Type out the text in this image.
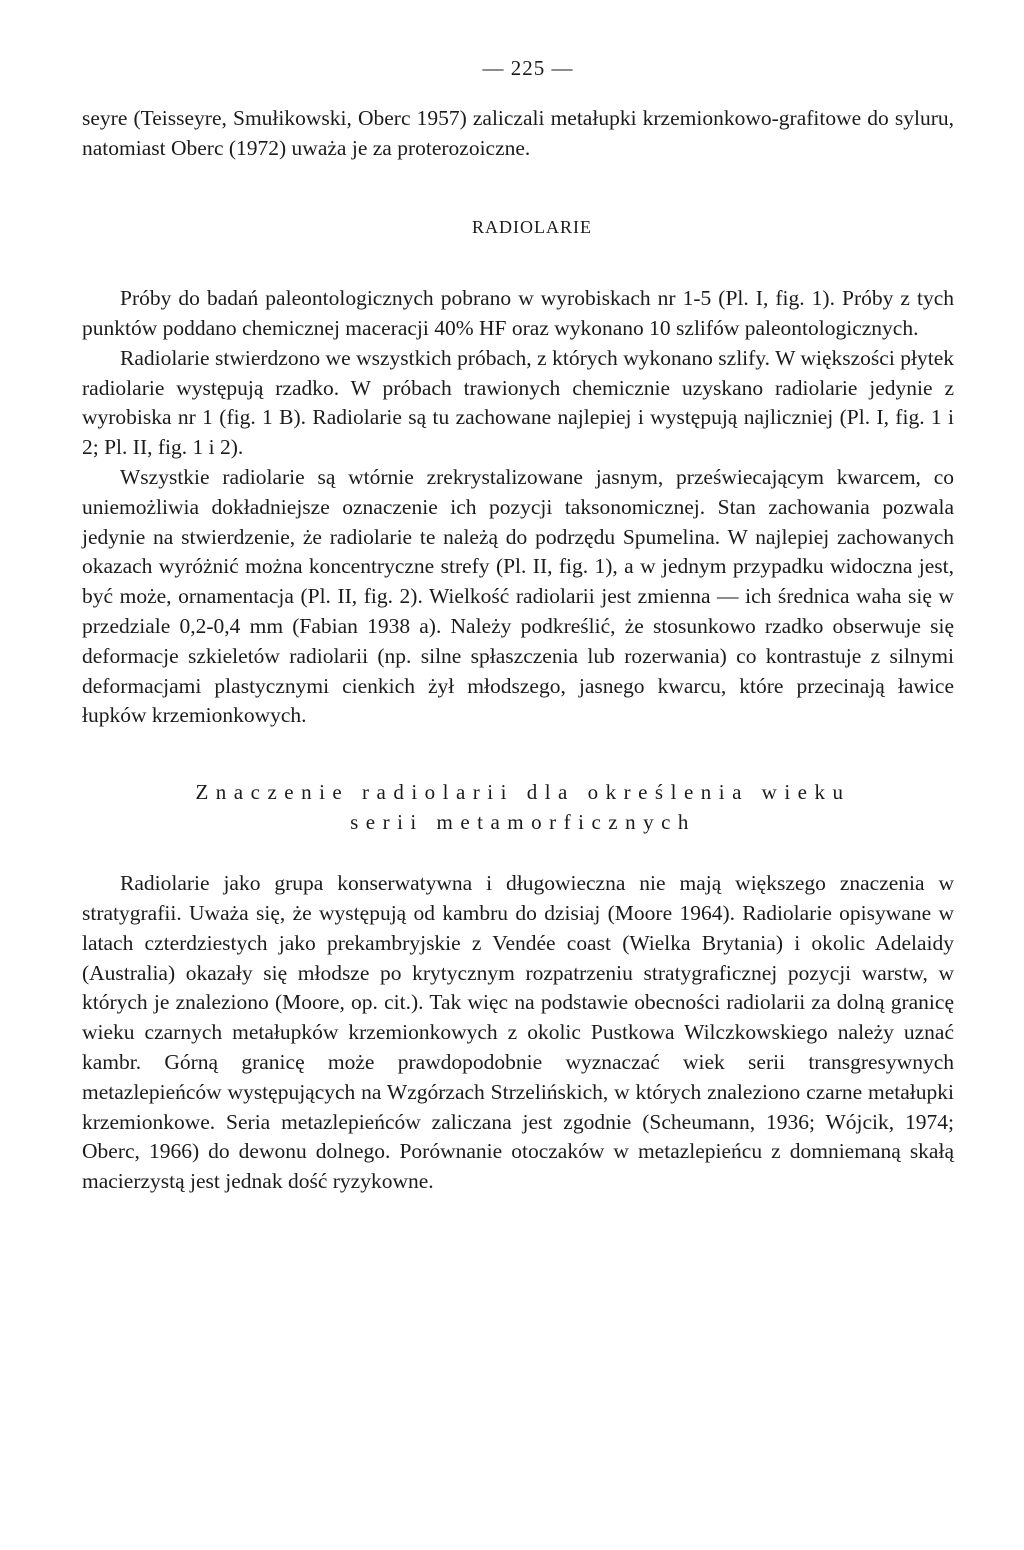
— 225 —

seyre (Teisseyre, Smułikowski, Oberc 1957) zaliczali metałupki krzemionkowo-grafitowe do syluru, natomiast Oberc (1972) uważa je za proterozoiczne.

RADIOLARIE

Próby do badań paleontologicznych pobrano w wyrobiskach nr 1-5 (Pl. I, fig. 1). Próby z tych punktów poddano chemicznej maceracji 40% HF oraz wykonano 10 szlifów paleontologicznych.

Radiolarie stwierdzono we wszystkich próbach, z których wykonano szlify. W większości płytek radiolarie występują rzadko. W próbach trawionych chemicznie uzyskano radiolarie jedynie z wyrobiska nr 1 (fig. 1 B). Radiolarie są tu zachowane najlepiej i występują najliczniej (Pl. I, fig. 1 i 2; Pl. II, fig. 1 i 2).

Wszystkie radiolarie są wtórnie zrekrystalizowane jasnym, przeświecającym kwarcem, co uniemożliwia dokładniejsze oznaczenie ich pozycji taksonomicznej. Stan zachowania pozwala jedynie na stwierdzenie, że radiolarie te należą do podrzędu Spumelina. W najlepiej zachowanych okazach wyróżnić można koncentryczne strefy (Pl. II, fig. 1), a w jednym przypadku widoczna jest, być może, ornamentacja (Pl. II, fig. 2). Wielkość radiolarii jest zmienna — ich średnica waha się w przedziale 0,2-0,4 mm (Fabian 1938 a). Należy podkreślić, że stosunkowo rzadko obserwuje się deformacje szkieletów radiolarii (np. silne spłaszczenia lub rozerwania) co kontrastuje z silnymi deformacjami plastycznymi cienkich żył młodszego, jasnego kwarcu, które przecinają ławice łupków krzemionkowych.

Znaczenie radiolarii dla określenia wieku
serii metamorficznych

Radiolarie jako grupa konserwatywna i długowieczna nie mają większego znaczenia w stratygrafii. Uważa się, że występują od kambru do dzisiaj (Moore 1964). Radiolarie opisywane w latach czterdziestych jako prekambryjskie z Vendée coast (Wielka Brytania) i okolic Adelaidy (Australia) okazały się młodsze po krytycznym rozpatrzeniu stratygraficznej pozycji warstw, w których je znaleziono (Moore, op. cit.). Tak więc na podstawie obecności radiolarii za dolną granicę wieku czarnych metałupków krzemionkowych z okolic Pustkowa Wilczkowskiego należy uznać kambr. Górną granicę może prawdopodobnie wyznaczać wiek serii transgresywnych metazlepieńców występujących na Wzgórzach Strzelińskich, w których znaleziono czarne metałupki krzemionkowe. Seria metazlepieńców zaliczana jest zgodnie (Scheumann, 1936; Wójcik, 1974; Oberc, 1966) do dewonu dolnego. Porównanie otoczaków w metazlepieńcu z domniemaną skałą macierzystą jest jednak dość ryzykowne.
